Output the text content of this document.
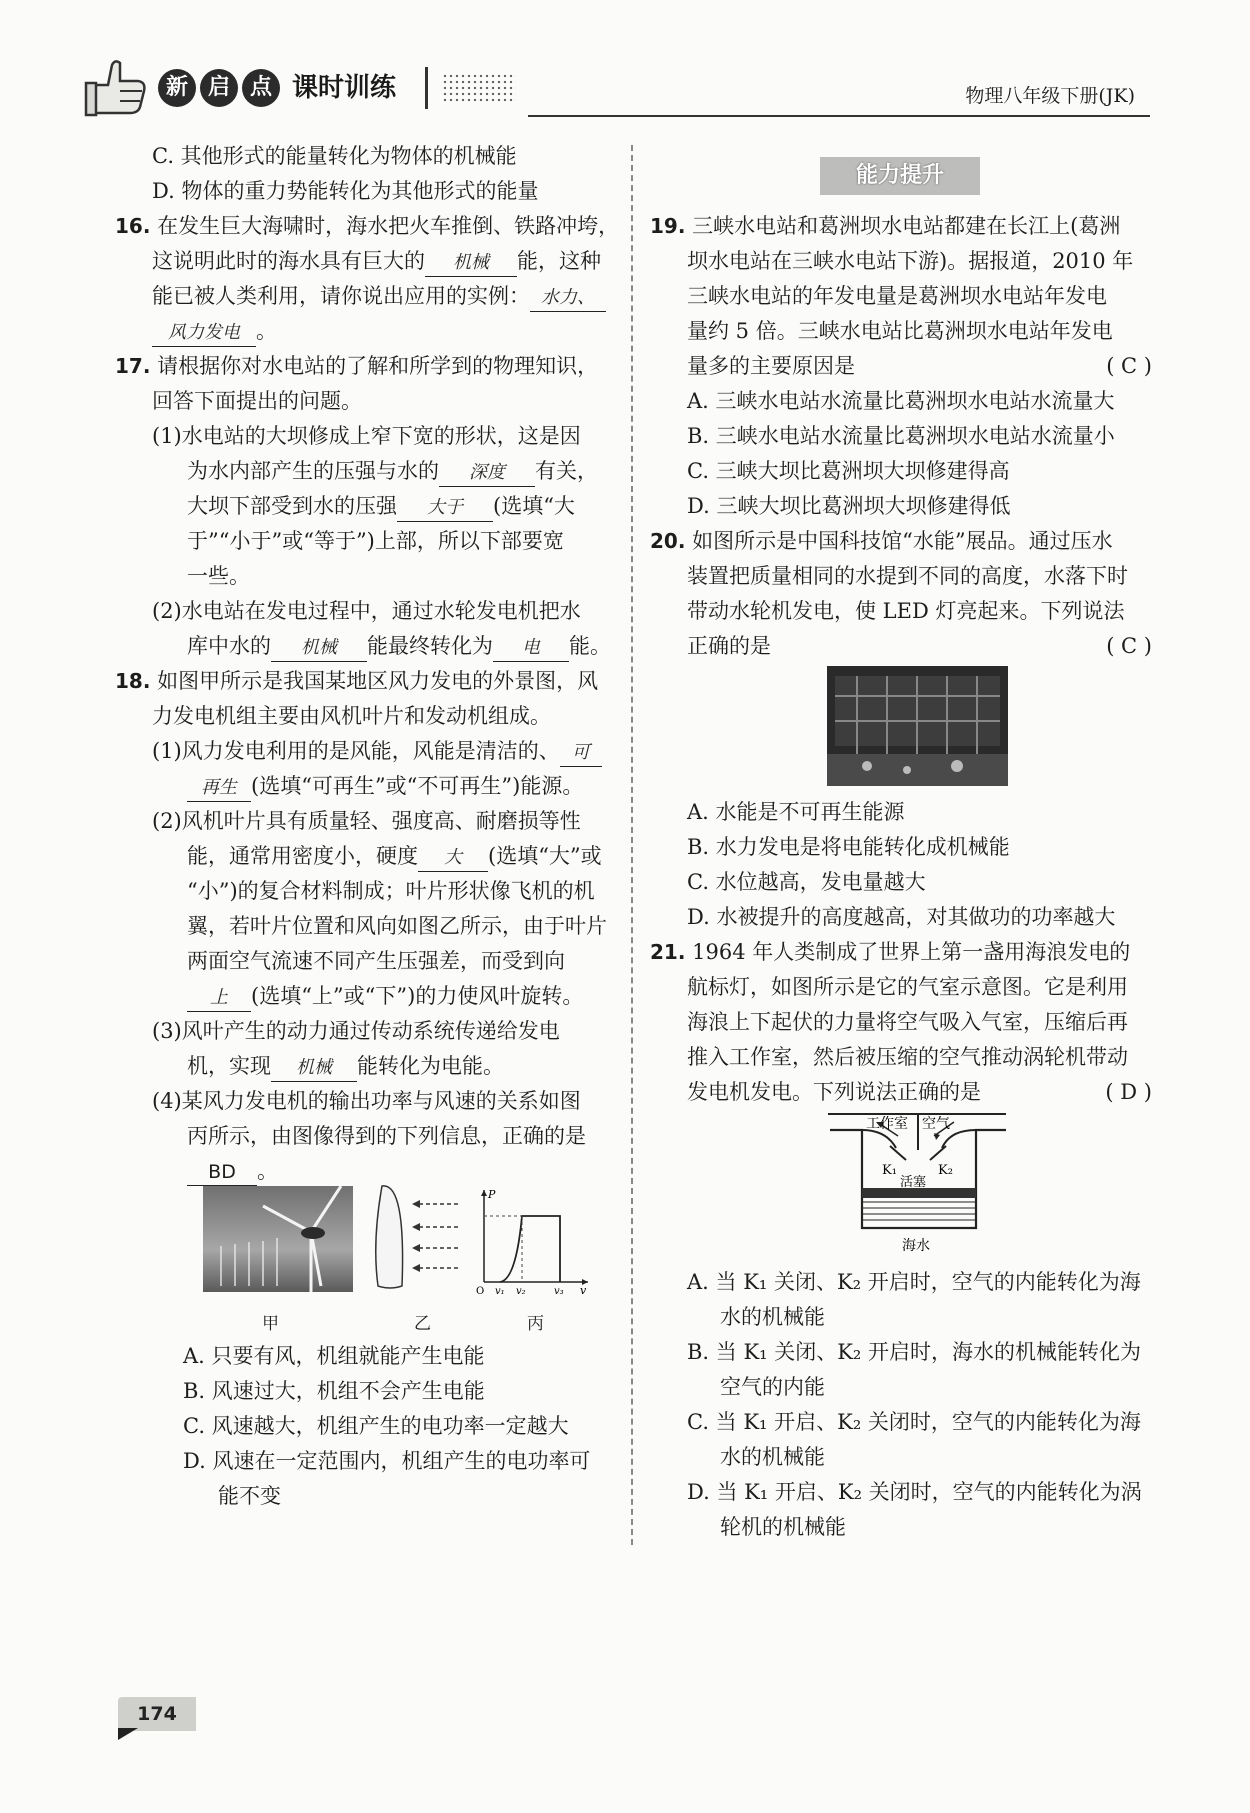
新 启 点 课时训练	物理八年级下册(JK)
C. 其他形式的能量转化为物体的机械能
D. 物体的重力势能转化为其他形式的能量
16. 在发生巨大海啸时，海水把火车推倒、铁路冲垮，
这说明此时的海水具有巨大的 机械 能，这种
能已被人类利用，请你说出应用的实例： 水力、
风力发电 。
17. 请根据你对水电站的了解和所学到的物理知识，
回答下面提出的问题。
(1)水电站的大坝修成上窄下宽的形状，这是因
为水内部产生的压强与水的 深度 有关，
大坝下部受到水的压强 大于 (选填“大
于”“小于”或“等于”)上部，所以下部要宽
一些。
(2)水电站在发电过程中，通过水轮发电机把水
库中水的 机械 能最终转化为 电 能。
18. 如图甲所示是我国某地区风力发电的外景图，风
力发电机组主要由风机叶片和发动机组成。
(1)风力发电利用的是风能，风能是清洁的、 可
再生 (选填“可再生”或“不可再生”)能源。
(2)风机叶片具有质量轻、强度高、耐磨损等性
能，通常用密度小，硬度 大 (选填“大”或
“小”)的复合材料制成；叶片形状像飞机的机
翼，若叶片位置和风向如图乙所示，由于叶片
两面空气流速不同产生压强差，而受到向
上 (选填“上”或“下”)的力使风叶旋转。
(3)风叶产生的动力通过传动系统传递给发电
机，实现 机械 能转化为电能。
(4)某风力发电机的输出功率与风速的关系如图
丙所示，由图像得到的下列信息，正确的是
BD 。
P
v
O v₁ v₂	v₃
甲	乙	丙
A. 只要有风，机组就能产生电能
B. 风速过大，机组不会产生电能
C. 风速越大，机组产生的电功率一定越大
D. 风速在一定范围内，机组产生的电功率可
能不变
能力提升
19. 三峡水电站和葛洲坝水电站都建在长江上(葛洲
坝水电站在三峡水电站下游)。据报道，2010 年
三峡水电站的年发电量是葛洲坝水电站年发电
量约 5 倍。三峡水电站比葛洲坝水电站年发电
量多的主要原因是	( C )
A. 三峡水电站水流量比葛洲坝水电站水流量大
B. 三峡水电站水流量比葛洲坝水电站水流量小
C. 三峡大坝比葛洲坝大坝修建得高
D. 三峡大坝比葛洲坝大坝修建得低
20. 如图所示是中国科技馆“水能”展品。通过压水
装置把质量相同的水提到不同的高度，水落下时
带动水轮机发电，使 LED 灯亮起来。下列说法
正确的是	( C )
A. 水能是不可再生能源
B. 水力发电是将电能转化成机械能
C. 水位越高，发电量越大
D. 水被提升的高度越高，对其做功的功率越大
21. 1964 年人类制成了世界上第一盏用海浪发电的
航标灯，如图所示是它的气室示意图。它是利用
海浪上下起伏的力量将空气吸入气室，压缩后再
推入工作室，然后被压缩的空气推动涡轮机带动
发电机发电。下列说法正确的是	( D )
工作室 空气
K₁	K₂
活塞
海水
A. 当 K₁ 关闭、K₂ 开启时，空气的内能转化为海
水的机械能
B. 当 K₁ 关闭、K₂ 开启时，海水的机械能转化为
空气的内能
C. 当 K₁ 开启、K₂ 关闭时，空气的内能转化为海
水的机械能
D. 当 K₁ 开启、K₂ 关闭时，空气的内能转化为涡
轮机的机械能
174
